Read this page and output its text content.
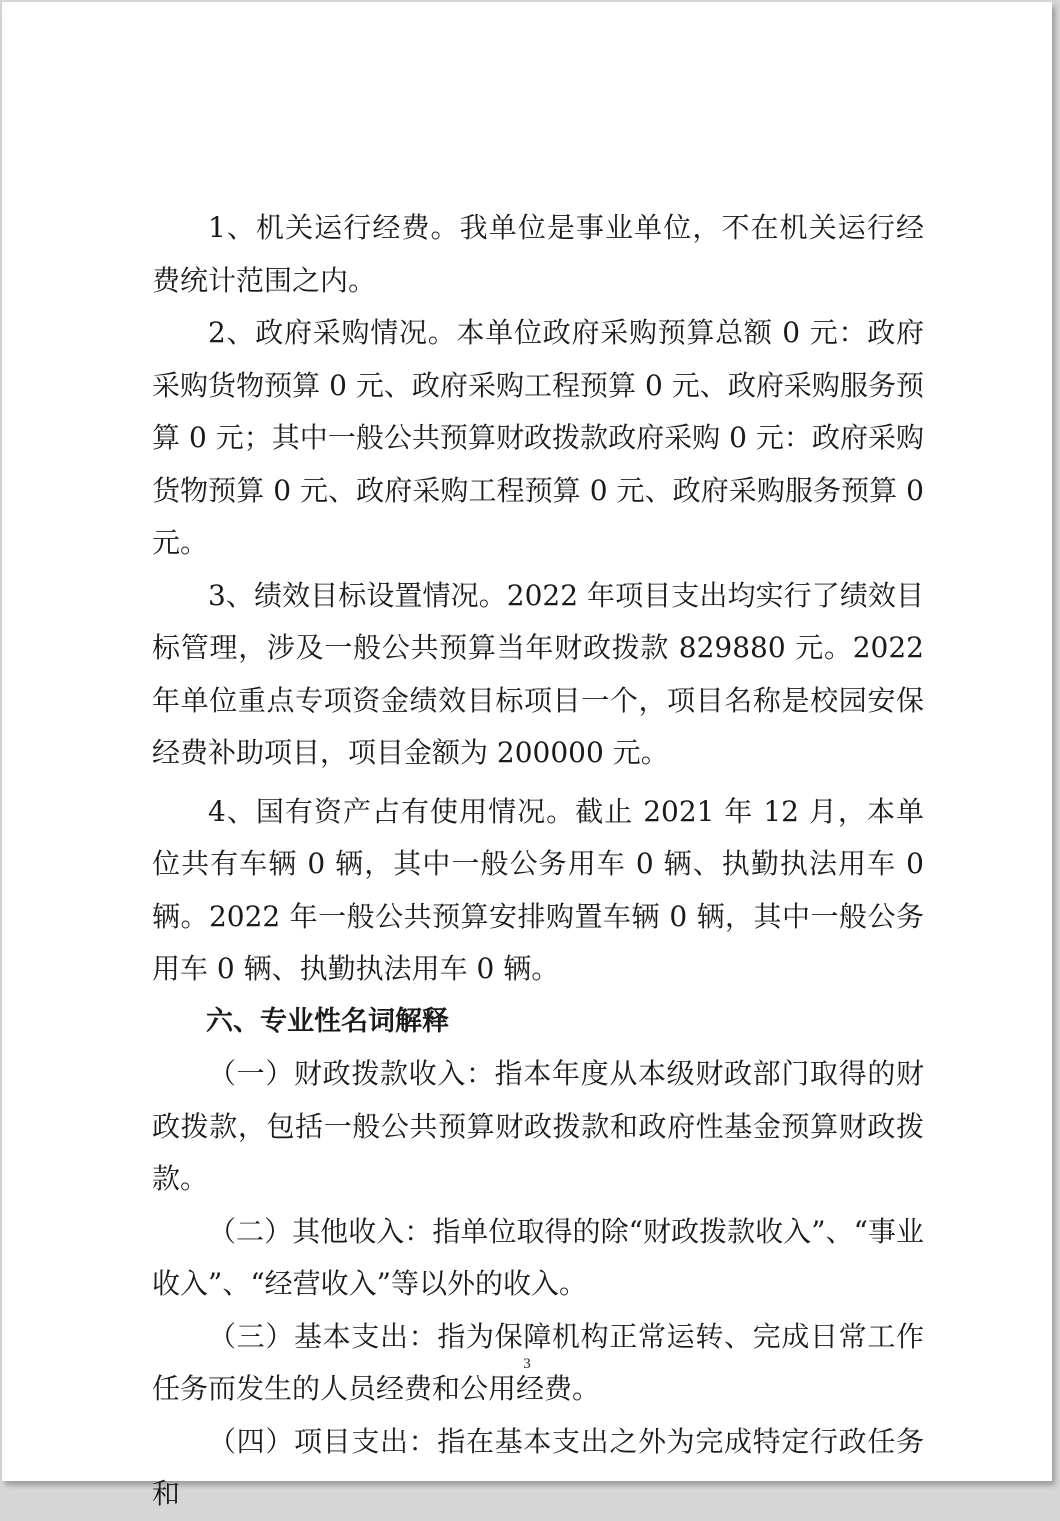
1、机关运行经费。我单位是事业单位，不在机关运行经费统计范围之内。

2、政府采购情况。本单位政府采购预算总额 0 元：政府采购货物预算 0 元、政府采购工程预算 0 元、政府采购服务预算 0 元；其中一般公共预算财政拨款政府采购 0 元：政府采购货物预算 0 元、政府采购工程预算 0 元、政府采购服务预算 0 元。

3、绩效目标设置情况。2022 年项目支出均实行了绩效目标管理，涉及一般公共预算当年财政拨款 829880 元。2022 年单位重点专项资金绩效目标项目一个，项目名称是校园安保经费补助项目，项目金额为 200000 元。

4、国有资产占有使用情况。截止 2021 年 12 月，本单位共有车辆 0 辆，其中一般公务用车 0 辆、执勤执法用车 0 辆。2022 年一般公共预算安排购置车辆 0 辆，其中一般公务用车 0 辆、执勤执法用车 0 辆。

六、专业性名词解释

（一）财政拨款收入：指本年度从本级财政部门取得的财政拨款，包括一般公共预算财政拨款和政府性基金预算财政拨款。

（二）其他收入：指单位取得的除“财政拨款收入”、“事业收入”、“经营收入”等以外的收入。

（三）基本支出：指为保障机构正常运转、完成日常工作任务而发生的人员经费和公用经费。

（四）项目支出：指在基本支出之外为完成特定行政任务和

3
